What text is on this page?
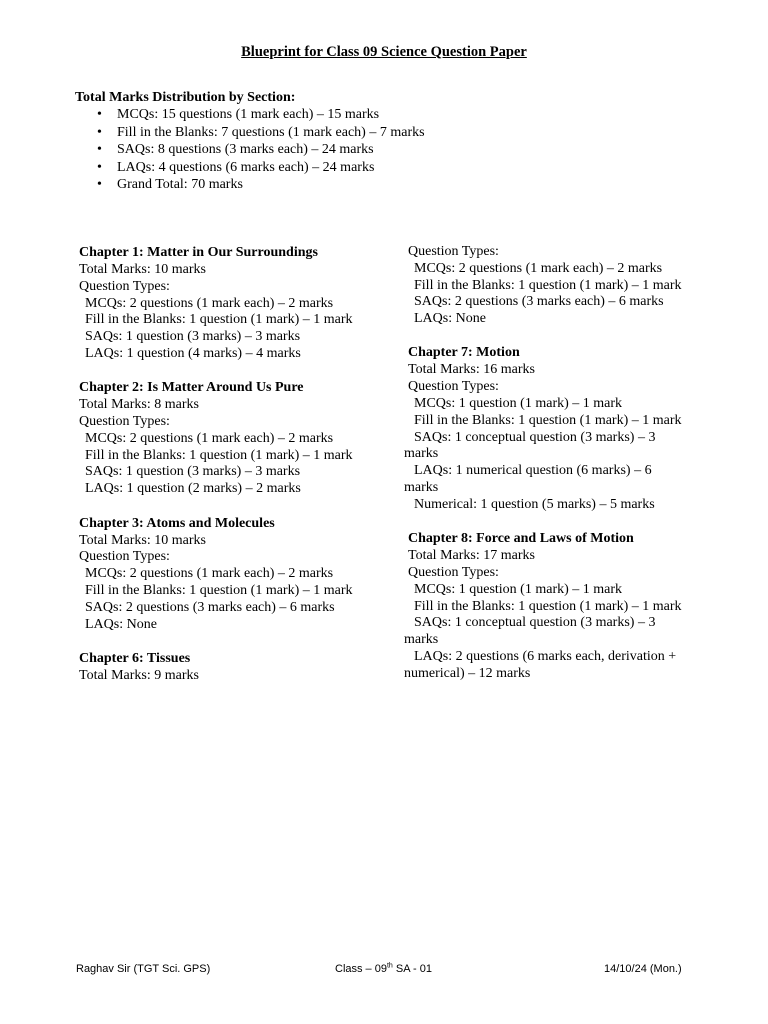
Blueprint for Class 09 Science Question Paper
Total Marks Distribution by Section:
• MCQs: 15 questions (1 mark each) – 15 marks
• Fill in the Blanks: 7 questions (1 mark each) – 7 marks
• SAQs: 8 questions (3 marks each) – 24 marks
• LAQs: 4 questions (6 marks each) – 24 marks
• Grand Total: 70 marks
Chapter 1: Matter in Our Surroundings
Total Marks: 10 marks
Question Types:
MCQs: 2 questions (1 mark each) – 2 marks
Fill in the Blanks: 1 question (1 mark) – 1 mark
SAQs: 1 question (3 marks) – 3 marks
LAQs: 1 question (4 marks) – 4 marks
Chapter 2: Is Matter Around Us Pure
Total Marks: 8 marks
Question Types:
MCQs: 2 questions (1 mark each) – 2 marks
Fill in the Blanks: 1 question (1 mark) – 1 mark
SAQs: 1 question (3 marks) – 3 marks
LAQs: 1 question (2 marks) – 2 marks
Chapter 3: Atoms and Molecules
Total Marks: 10 marks
Question Types:
MCQs: 2 questions (1 mark each) – 2 marks
Fill in the Blanks: 1 question (1 mark) – 1 mark
SAQs: 2 questions (3 marks each) – 6 marks
LAQs: None
Chapter 6: Tissues
Total Marks: 9 marks
Question Types:
MCQs: 2 questions (1 mark each) – 2 marks
Fill in the Blanks: 1 question (1 mark) – 1 mark
SAQs: 2 questions (3 marks each) – 6 marks
LAQs: None
Chapter 7: Motion
Total Marks: 16 marks
Question Types:
MCQs: 1 question (1 mark) – 1 mark
Fill in the Blanks: 1 question (1 mark) – 1 mark
SAQs: 1 conceptual question (3 marks) – 3
marks
LAQs: 1 numerical question (6 marks) – 6
marks
Numerical: 1 question (5 marks) – 5 marks
Chapter 8: Force and Laws of Motion
Total Marks: 17 marks
Question Types:
MCQs: 1 question (1 mark) – 1 mark
Fill in the Blanks: 1 question (1 mark) – 1 mark
SAQs: 1 conceptual question (3 marks) – 3
marks
LAQs: 2 questions (6 marks each, derivation +
numerical) – 12 marks
Raghav Sir (TGT Sci. GPS)	Class – 09th SA - 01	14/10/24 (Mon.)
